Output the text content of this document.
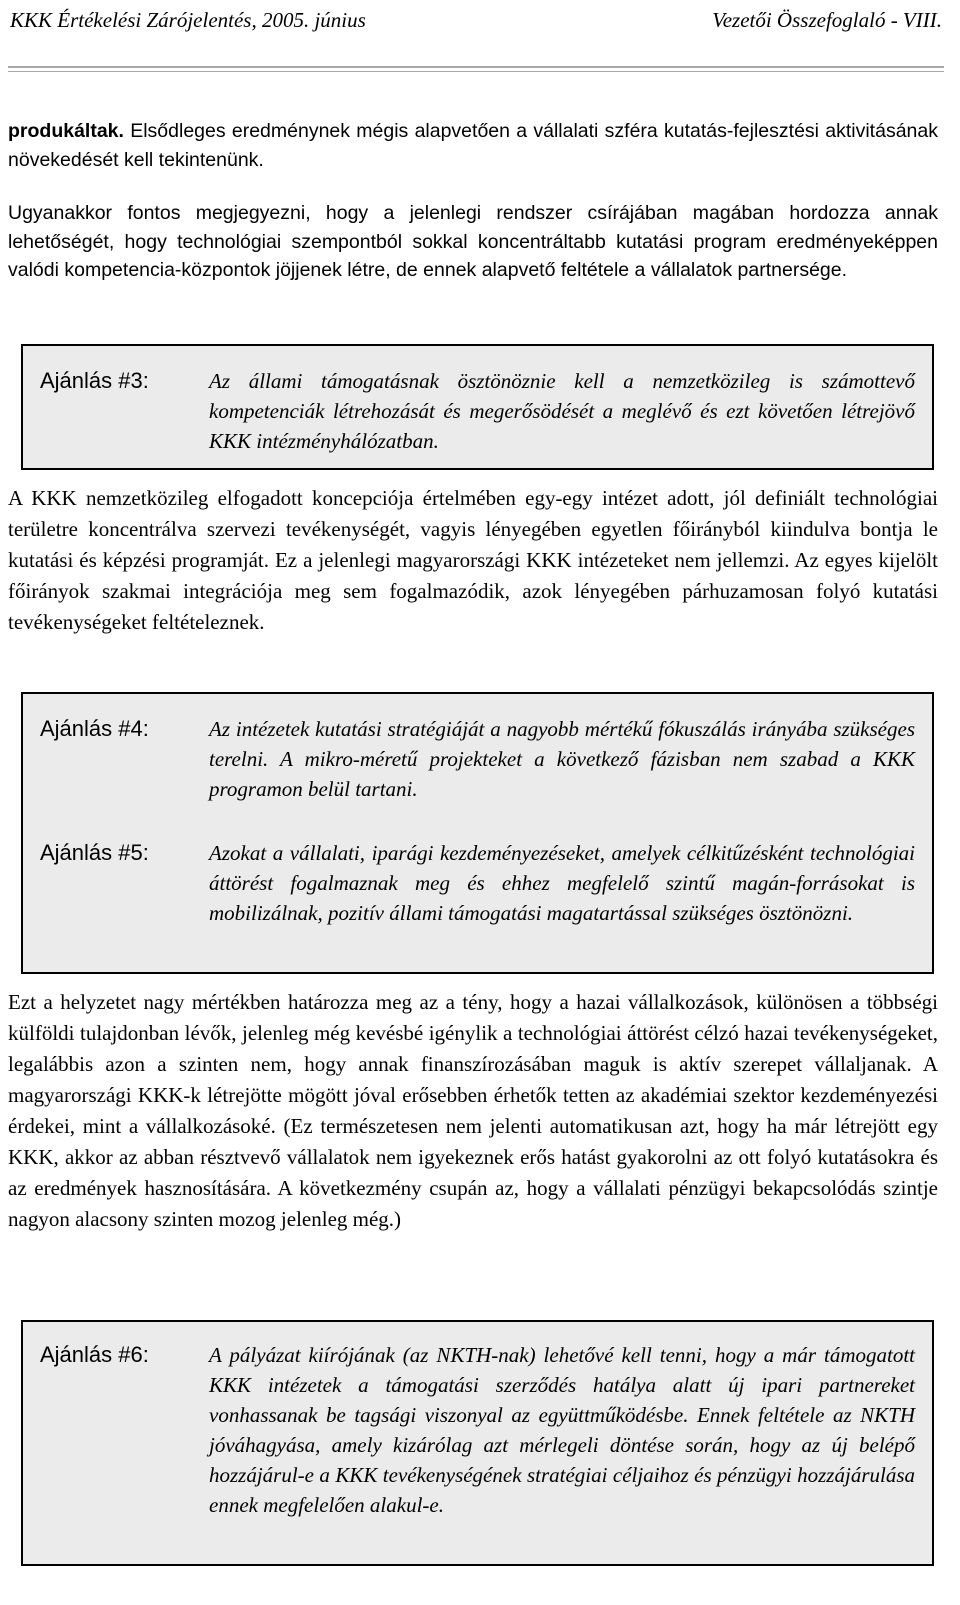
KKK Értékelési Zárójelentés, 2005. június	Vezetői Összefoglaló - VIII.

produkáltak. Elsődleges eredménynek mégis alapvetően a vállalati szféra kutatás-fejlesztési aktivitásának növekedését kell tekintenünk.

Ugyanakkor fontos megjegyezni, hogy a jelenlegi rendszer csírájában magában hordozza annak lehetőségét, hogy technológiai szempontból sokkal koncentráltabb kutatási program eredményeképpen valódi kompetencia-központok jöjjenek létre, de ennek alapvető feltétele a vállalatok partnersége.

Ajánlás #3:	Az állami támogatásnak ösztönöznie kell a nemzetközileg is számottevő kompetenciák létrehozását és megerősödését a meglévő és ezt követően létrejövő KKK intézményhálózatban.

A KKK nemzetközileg elfogadott koncepciója értelmében egy-egy intézet adott, jól definiált technológiai területre koncentrálva szervezi tevékenységét, vagyis lényegében egyetlen főirányból kiindulva bontja le kutatási és képzési programját. Ez a jelenlegi magyarországi KKK intézeteket nem jellemzi. Az egyes kijelölt főirányok szakmai integrációja meg sem fogalmazódik, azok lényegében párhuzamosan folyó kutatási tevékenységeket feltételeznek.

Ajánlás #4:	Az intézetek kutatási stratégiáját a nagyobb mértékű fókuszálás irányába szükséges terelni. A mikro-méretű projekteket a következő fázisban nem szabad a KKK programon belül tartani.

Ajánlás #5:	Azokat a vállalati, iparági kezdeményezéseket, amelyek célkitűzésként technológiai áttörést fogalmaznak meg és ehhez megfelelő szintű magán-forrásokat is mobilizálnak, pozitív állami támogatási magatartással szükséges ösztönözni.

Ezt a helyzetet nagy mértékben határozza meg az a tény, hogy a hazai vállalkozások, különösen a többségi külföldi tulajdonban lévők, jelenleg még kevésbé igénylik a technológiai áttörést célzó hazai tevékenységeket, legalábbis azon a szinten nem, hogy annak finanszírozásában maguk is aktív szerepet vállaljanak. A magyarországi KKK-k létrejötte mögött jóval erősebben érhetők tetten az akadémiai szektor kezdeményezési érdekei, mint a vállalkozásoké. (Ez természetesen nem jelenti automatikusan azt, hogy ha már létrejött egy KKK, akkor az abban résztvevő vállalatok nem igyekeznek erős hatást gyakorolni az ott folyó kutatásokra és az eredmények hasznosítására. A következmény csupán az, hogy a vállalati pénzügyi bekapcsolódás szintje nagyon alacsony szinten mozog jelenleg még.)

Ajánlás #6:	A pályázat kiírójának (az NKTH-nak) lehetővé kell tenni, hogy a már támogatott KKK intézetek a támogatási szerződés hatálya alatt új ipari partnereket vonhassanak be tagsági viszonyal az együttműködésbe. Ennek feltétele az NKTH jóváhagyása, amely kizárólag azt mérlegeli döntése során, hogy az új belépő hozzájárul-e a KKK tevékenységének stratégiai céljaihoz és pénzügyi hozzájárulása ennek megfelelően alakul-e.
